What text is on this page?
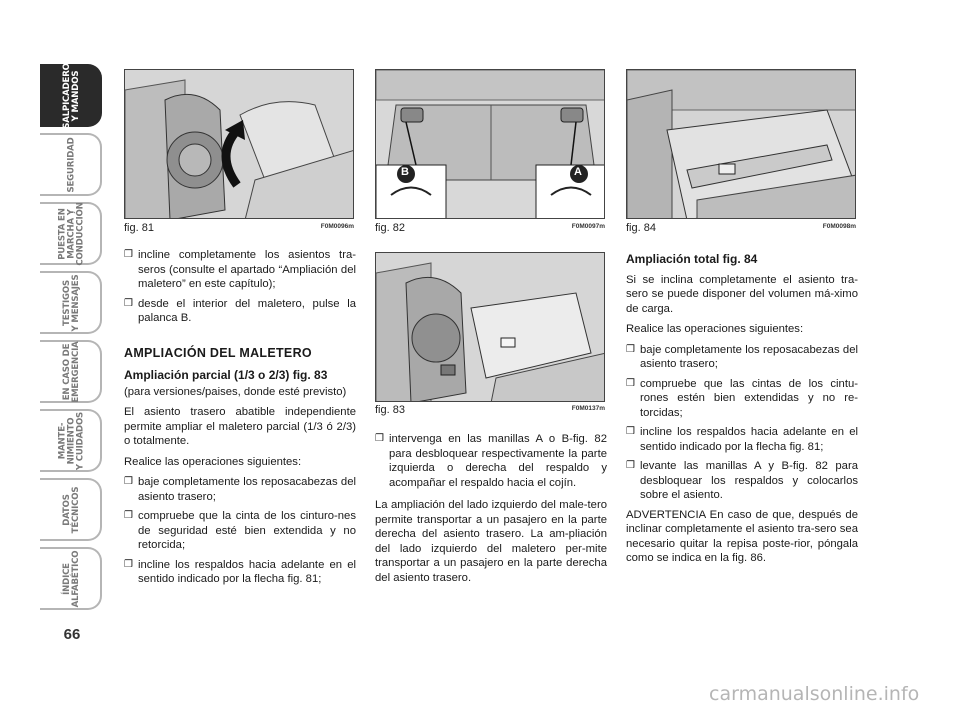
SALPICADERO
Y MANDOS
SEGURIDAD
PUESTA EN
MARCHA Y
CONDUCCIÓN
TESTIGOS
Y MENSAJES
EN CASO DE
EMERGENCIA
MANTE-
NIMIENTO
Y CUIDADOS
DATOS
TÉCNICOS
ÍNDICE
ALFABÉTICO
66
fig. 81	F0M0096m
B	A
fig. 82	F0M0097m fig. 84	F0M0098m
fig. 83	F0M0137m
❒ incline completamente los asientos tra-seros (consulte el apartado “Ampliación del maletero” en este capítulo);
❒ desde el interior del maletero, pulse la palanca B.
AMPLIACIÓN DEL MALETERO
Ampliación parcial (1/3 o 2/3) fig. 83

(para versiones/paises, donde esté previsto)

El asiento trasero abatible independiente permite ampliar el maletero parcial (1/3 ó 2/3) o totalmente.

Realice las operaciones siguientes:

❒ baje completamente los reposacabezas del asiento trasero;
❒ compruebe que la cinta de los cinturo-nes de seguridad esté bien extendida y no retorcida;
❒ incline los respaldos hacia adelante en el sentido indicado por la flecha fig. 81;
❒ intervenga en las manillas A o B-fig. 82 para desbloquear respectivamente la parte izquierda o derecha del respaldo y acompañar el respaldo hacia el cojín.

La ampliación del lado izquierdo del male-tero permite transportar a un pasajero en la parte derecha del asiento trasero. La am-pliación del lado izquierdo del maletero per-mite transportar a un pasajero en la parte derecha del asiento trasero.

Ampliación total fig. 84

Si se inclina completamente el asiento tra-sero se puede disponer del volumen má-ximo de carga.

Realice las operaciones siguientes:

❒ baje completamente los reposacabezas del asiento trasero;
❒ compruebe que las cintas de los cintu-rones estén bien extendidas y no re-torcidas;
❒ incline los respaldos hacia adelante en el sentido indicado por la flecha fig. 81;
❒ levante las manillas A y B-fig. 82 para desbloquear los respaldos y colocarlos sobre el asiento.

ADVERTENCIA En caso de que, después de inclinar completamente el asiento tra-sero sea necesario quitar la repisa poste-rior, póngala como se indica en la fig. 86.

carmanualsonline.info
